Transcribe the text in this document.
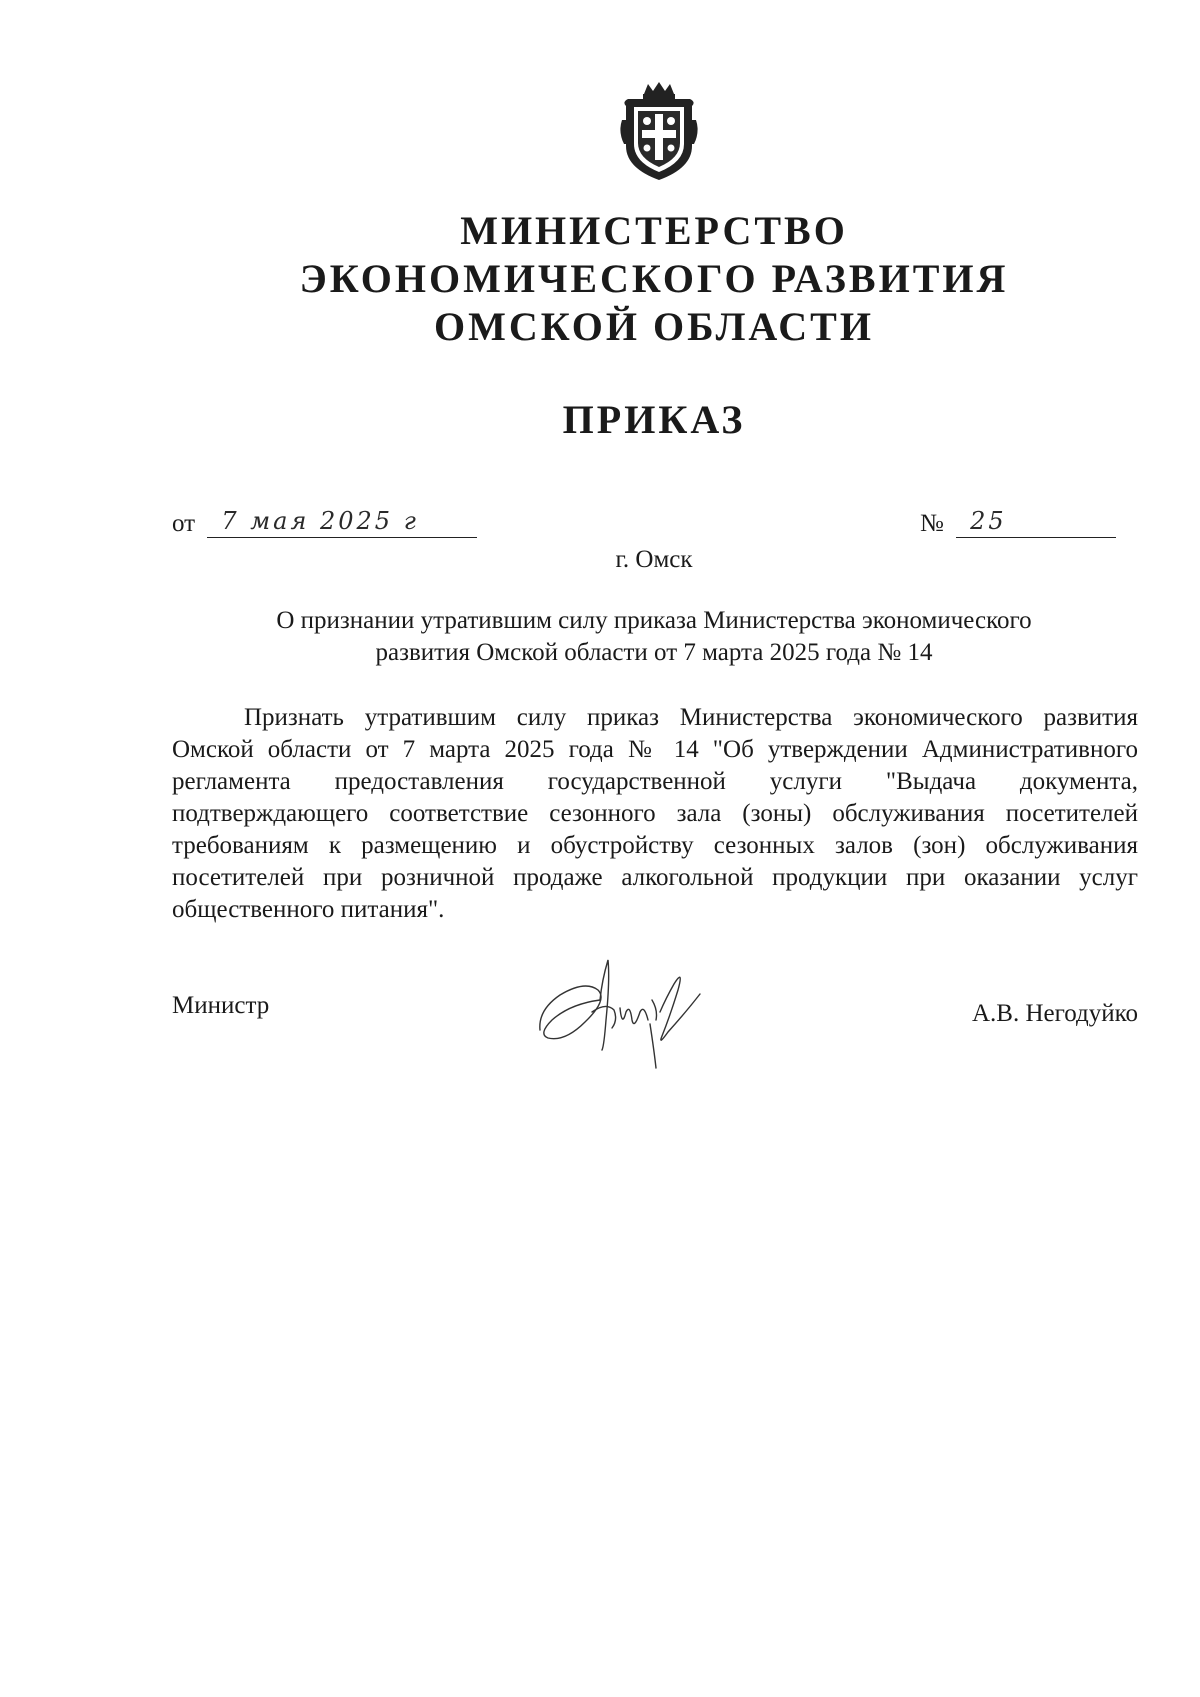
МИНИСТЕРСТВО
ЭКОНОМИЧЕСКОГО РАЗВИТИЯ
ОМСКОЙ ОБЛАСТИ
ПРИКАЗ
от 7 мая 2025 г	№ 25
г. Омск
О признании утратившим силу приказа Министерства экономического
развития Омской области от 7 марта 2025 года № 14
Признать утратившим силу приказ Министерства экономического развития Омской области от 7 марта 2025 года № 14 "Об утверждении Административного регламента предоставления государственной услуги "Выдача документа, подтверждающего соответствие сезонного зала (зоны) обслуживания посетителей требованиям к размещению и обустройству сезонных залов (зон) обслуживания посетителей при розничной продаже алкогольной продукции при оказании услуг общественного питания".
Министр	А.В. Негодуйко
